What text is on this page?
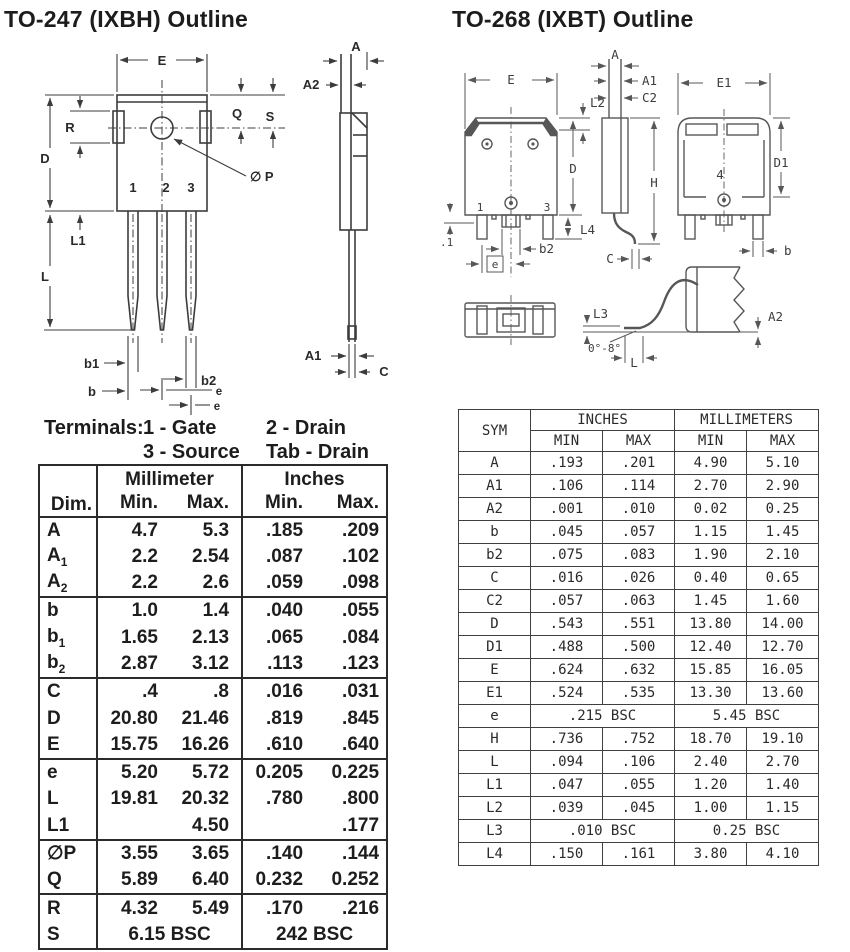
TO-247 (IXBH) Outline	TO-268 (IXBT) Outline
1 2 3
E
D
R
L1
L
Q S
∅ P
b1
b
b2
e
e
A
A2
A1
C
1	3
E
L2
D
L4
.1	b2
e
A
A1
C2
H
C
4
E1
D1
b
L3
0°-8°
L
A2
Terminals: 1 - Gate 2 - Drain
3 - Source Tab - Drain
Dim.	Millimeter		Inches	
	Min.	Max.	Min.	Max.
A	4.7	5.3	.185	.209
$A_1$	2.2	2.54	.087	.102
$A_2$	2.2	2.6	.059	.098
b	1.0	1.4	.040	.055
$b_1$	1.65	2.13	.065	.084
$b_2$	2.87	3.12	.113	.123
C	.4	.8	.016	.031
D	20.80	21.46	.819	.845
E	15.75	16.26	.610	.640
e	5.20	5.72	0.205	0.225
L	19.81	20.32	.780	.800
L1		4.50		.177
∅P	3.55	3.65	.140	.144
Q	5.89	6.40	0.232	0.252
R	4.32	5.49	.170	.216
S	6.15 BSC		242 BSC	
SYM	INCHES		MILLIMETERS	
	MIN	MAX	MIN	MAX
A	.193	.201	4.90	5.10
A1	.106	.114	2.70	2.90
A2	.001	.010	0.02	0.25
b	.045	.057	1.15	1.45
b2	.075	.083	1.90	2.10
C	.016	.026	0.40	0.65
C2	.057	.063	1.45	1.60
D	.543	.551	13.80	14.00
D1	.488	.500	12.40	12.70
E	.624	.632	15.85	16.05
E1	.524	.535	13.30	13.60
e	.215 BSC		5.45 BSC	
H	.736	.752	18.70	19.10
L	.094	.106	2.40	2.70
L1	.047	.055	1.20	1.40
L2	.039	.045	1.00	1.15
L3	.010 BSC		0.25 BSC	
L4	.150	.161	3.80	4.10
